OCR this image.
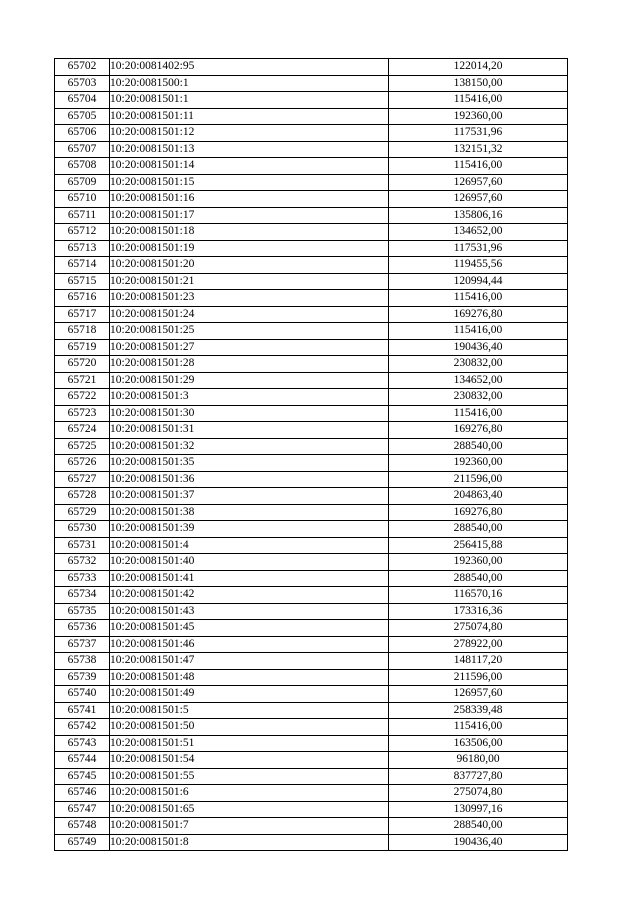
65702	10:20:0081402:95	122014,20
65703	10:20:0081500:1	138150,00
65704	10:20:0081501:1	115416,00
65705	10:20:0081501:11	192360,00
65706	10:20:0081501:12	117531,96
65707	10:20:0081501:13	132151,32
65708	10:20:0081501:14	115416,00
65709	10:20:0081501:15	126957,60
65710	10:20:0081501:16	126957,60
65711	10:20:0081501:17	135806,16
65712	10:20:0081501:18	134652,00
65713	10:20:0081501:19	117531,96
65714	10:20:0081501:20	119455,56
65715	10:20:0081501:21	120994,44
65716	10:20:0081501:23	115416,00
65717	10:20:0081501:24	169276,80
65718	10:20:0081501:25	115416,00
65719	10:20:0081501:27	190436,40
65720	10:20:0081501:28	230832,00
65721	10:20:0081501:29	134652,00
65722	10:20:0081501:3	230832,00
65723	10:20:0081501:30	115416,00
65724	10:20:0081501:31	169276,80
65725	10:20:0081501:32	288540,00
65726	10:20:0081501:35	192360,00
65727	10:20:0081501:36	211596,00
65728	10:20:0081501:37	204863,40
65729	10:20:0081501:38	169276,80
65730	10:20:0081501:39	288540,00
65731	10:20:0081501:4	256415,88
65732	10:20:0081501:40	192360,00
65733	10:20:0081501:41	288540,00
65734	10:20:0081501:42	116570,16
65735	10:20:0081501:43	173316,36
65736	10:20:0081501:45	275074,80
65737	10:20:0081501:46	278922,00
65738	10:20:0081501:47	148117,20
65739	10:20:0081501:48	211596,00
65740	10:20:0081501:49	126957,60
65741	10:20:0081501:5	258339,48
65742	10:20:0081501:50	115416,00
65743	10:20:0081501:51	163506,00
65744	10:20:0081501:54	96180,00
65745	10:20:0081501:55	837727,80
65746	10:20:0081501:6	275074,80
65747	10:20:0081501:65	130997,16
65748	10:20:0081501:7	288540,00
65749	10:20:0081501:8	190436,40
